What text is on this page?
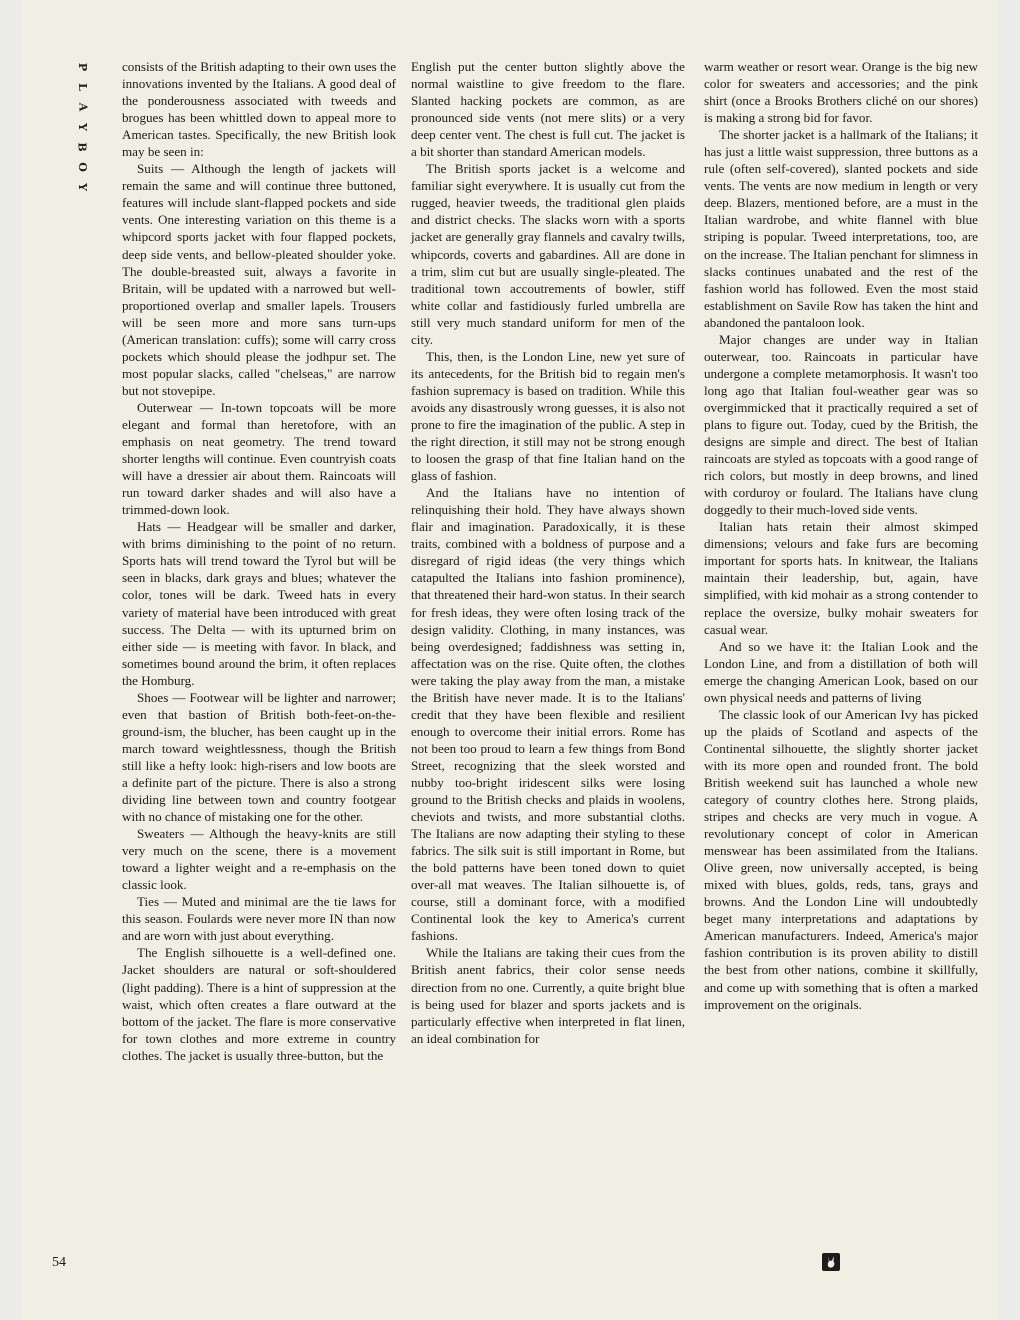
P
L
A
Y
B
O
Y

consists of the British adapting to their own uses the innovations invented by the Italians. A good deal of the ponderousness associated with tweeds and brogues has been whittled down to appeal more to American tastes. Specifically, the new British look may be seen in:

Suits — Although the length of jackets will remain the same and will continue three buttoned, features will include slant-flapped pockets and side vents. One interesting variation on this theme is a whipcord sports jacket with four flapped pockets, deep side vents, and bellow-pleated shoulder yoke. The double-breasted suit, always a favorite in Britain, will be updated with a narrowed but well-proportioned overlap and smaller lapels. Trousers will be seen more and more sans turn-ups (American translation: cuffs); some will carry cross pockets which should please the jodhpur set. The most popular slacks, called "chelseas," are narrow but not stovepipe.

Outerwear — In-town topcoats will be more elegant and formal than heretofore, with an emphasis on neat geometry. The trend toward shorter lengths will continue. Even countryish coats will have a dressier air about them. Raincoats will run toward darker shades and will also have a trimmed-down look.

Hats — Headgear will be smaller and darker, with brims diminishing to the point of no return. Sports hats will trend toward the Tyrol but will be seen in blacks, dark grays and blues; whatever the color, tones will be dark. Tweed hats in every variety of material have been introduced with great success. The Delta — with its upturned brim on either side — is meeting with favor. In black, and sometimes bound around the brim, it often replaces the Homburg.

Shoes — Footwear will be lighter and narrower; even that bastion of British both-feet-on-the-ground-ism, the blucher, has been caught up in the march toward weightlessness, though the British still like a hefty look: high-risers and low boots are a definite part of the picture. There is also a strong dividing line between town and country footgear with no chance of mistaking one for the other.

Sweaters — Although the heavy-knits are still very much on the scene, there is a movement toward a lighter weight and a re-emphasis on the classic look.

Ties — Muted and minimal are the tie laws for this season. Foulards were never more IN than now and are worn with just about everything.

The English silhouette is a well-defined one. Jacket shoulders are natural or soft-shouldered (light padding). There is a hint of suppression at the waist, which often creates a flare outward at the bottom of the jacket. The flare is more conservative for town clothes and more extreme in country clothes. The jacket is usually three-button, but the

English put the center button slightly above the normal waistline to give freedom to the flare. Slanted hacking pockets are common, as are pronounced side vents (not mere slits) or a very deep center vent. The chest is full cut. The jacket is a bit shorter than standard American models.

The British sports jacket is a welcome and familiar sight everywhere. It is usually cut from the rugged, heavier tweeds, the traditional glen plaids and district checks. The slacks worn with a sports jacket are generally gray flannels and cavalry twills, whipcords, coverts and gabardines. All are done in a trim, slim cut but are usually single-pleated. The traditional town accoutrements of bowler, stiff white collar and fastidiously furled umbrella are still very much standard uniform for men of the city.

This, then, is the London Line, new yet sure of its antecedents, for the British bid to regain men's fashion supremacy is based on tradition. While this avoids any disastrously wrong guesses, it is also not prone to fire the imagination of the public. A step in the right direction, it still may not be strong enough to loosen the grasp of that fine Italian hand on the glass of fashion.

And the Italians have no intention of relinquishing their hold. They have always shown flair and imagination. Paradoxically, it is these traits, combined with a boldness of purpose and a disregard of rigid ideas (the very things which catapulted the Italians into fashion prominence), that threatened their hard-won status. In their search for fresh ideas, they were often losing track of the design validity. Clothing, in many instances, was being overdesigned; faddishness was setting in, affectation was on the rise. Quite often, the clothes were taking the play away from the man, a mistake the British have never made. It is to the Italians' credit that they have been flexible and resilient enough to overcome their initial errors. Rome has not been too proud to learn a few things from Bond Street, recognizing that the sleek worsted and nubby too-bright iridescent silks were losing ground to the British checks and plaids in woolens, cheviots and twists, and more substantial cloths. The Italians are now adapting their styling to these fabrics. The silk suit is still important in Rome, but the bold patterns have been toned down to quiet over-all mat weaves. The Italian silhouette is, of course, still a dominant force, with a modified Continental look the key to America's current fashions.

While the Italians are taking their cues from the British anent fabrics, their color sense needs direction from no one. Currently, a quite bright blue is being used for blazer and sports jackets and is particularly effective when interpreted in flat linen, an ideal combination for

warm weather or resort wear. Orange is the big new color for sweaters and accessories; and the pink shirt (once a Brooks Brothers cliché on our shores) is making a strong bid for favor.

The shorter jacket is a hallmark of the Italians; it has just a little waist suppression, three buttons as a rule (often self-covered), slanted pockets and side vents. The vents are now medium in length or very deep. Blazers, mentioned before, are a must in the Italian wardrobe, and white flannel with blue striping is popular. Tweed interpretations, too, are on the increase. The Italian penchant for slimness in slacks continues unabated and the rest of the fashion world has followed. Even the most staid establishment on Savile Row has taken the hint and abandoned the pantaloon look.

Major changes are under way in Italian outerwear, too. Raincoats in particular have undergone a complete metamorphosis. It wasn't too long ago that Italian foul-weather gear was so overgimmicked that it practically required a set of plans to figure out. Today, cued by the British, the designs are simple and direct. The best of Italian raincoats are styled as topcoats with a good range of rich colors, but mostly in deep browns, and lined with corduroy or foulard. The Italians have clung doggedly to their much-loved side vents.

Italian hats retain their almost skimped dimensions; velours and fake furs are becoming important for sports hats. In knitwear, the Italians maintain their leadership, but, again, have simplified, with kid mohair as a strong contender to replace the oversize, bulky mohair sweaters for casual wear.

And so we have it: the Italian Look and the London Line, and from a distillation of both will emerge the changing American Look, based on our own physical needs and patterns of living

The classic look of our American Ivy has picked up the plaids of Scotland and aspects of the Continental silhouette, the slightly shorter jacket with its more open and rounded front. The bold British weekend suit has launched a whole new category of country clothes here. Strong plaids, stripes and checks are very much in vogue. A revolutionary concept of color in American menswear has been assimilated from the Italians. Olive green, now universally accepted, is being mixed with blues, golds, reds, tans, grays and browns. And the London Line will undoubtedly beget many interpretations and adaptations by American manufacturers. Indeed, America's major fashion contribution is its proven ability to distill the best from other nations, combine it skillfully, and come up with something that is often a marked improvement on the originals.

54
